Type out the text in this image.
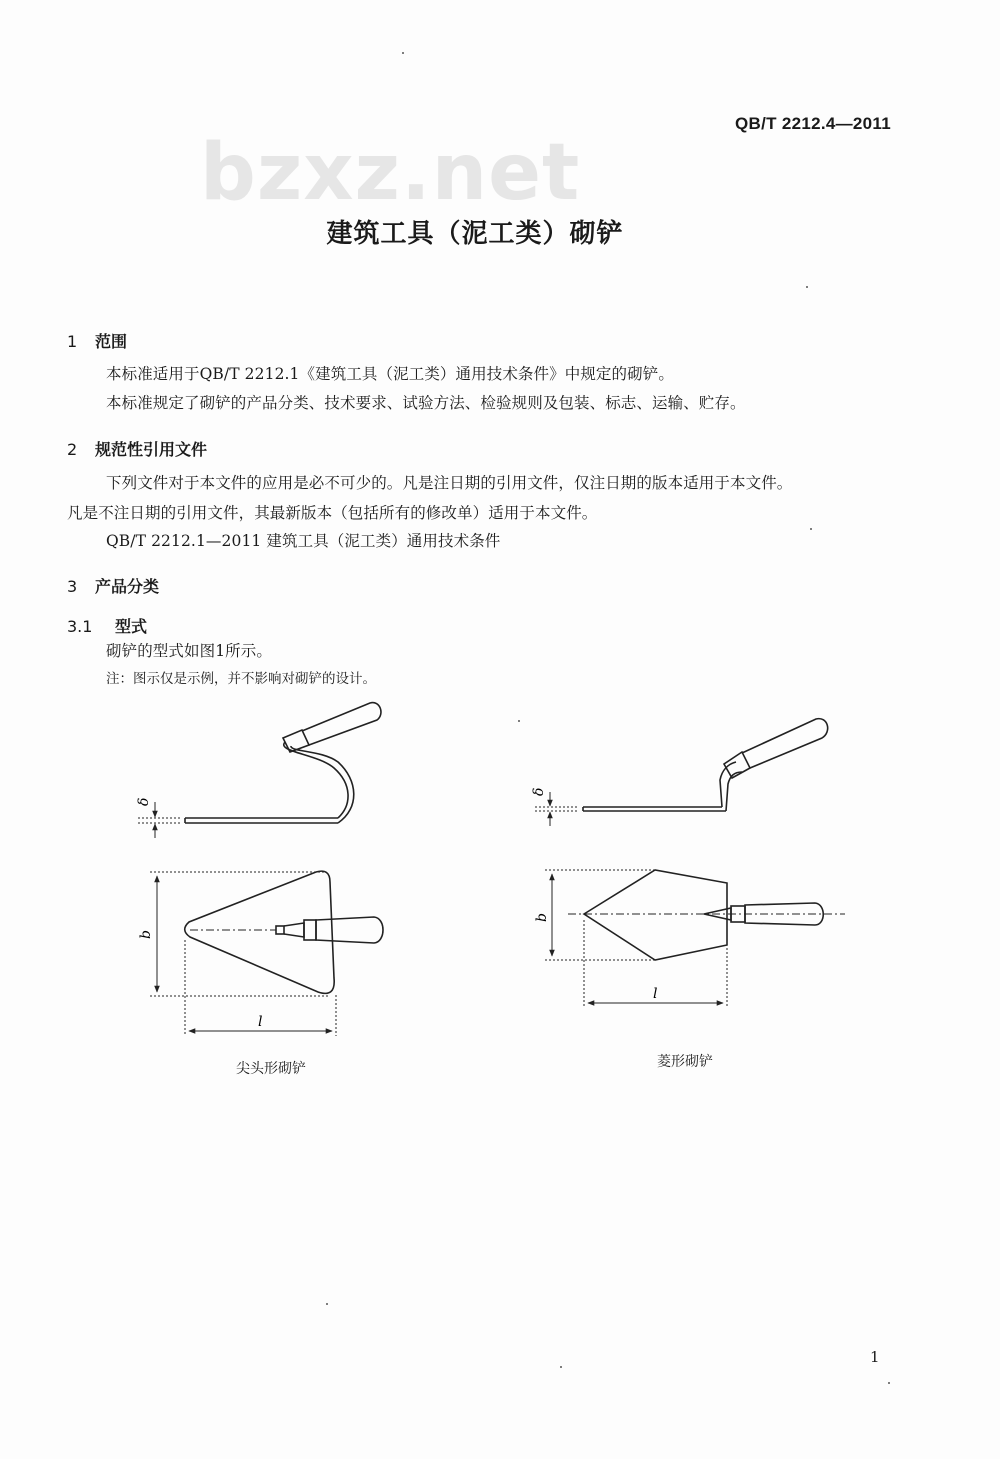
bzxz.net
QB/T 2212.4—2011
建筑工具（泥工类）砌铲
1 范围
本标准适用于QB/T 2212.1《建筑工具（泥工类）通用技术条件》中规定的砌铲。
本标准规定了砌铲的产品分类、技术要求、试验方法、检验规则及包装、标志、运输、贮存。
2 规范性引用文件
下列文件对于本文件的应用是必不可少的。凡是注日期的引用文件，仅注日期的版本适用于本文件。
凡是不注日期的引用文件，其最新版本（包括所有的修改单）适用于本文件。
QB/T 2212.1—2011 建筑工具（泥工类）通用技术条件
3 产品分类
3.1 型式
砌铲的型式如图1所示。
注：图示仅是示例，并不影响对砌铲的设计。
δ
b
l
δ
b
l
尖头形砌铲	菱形砌铲
1
